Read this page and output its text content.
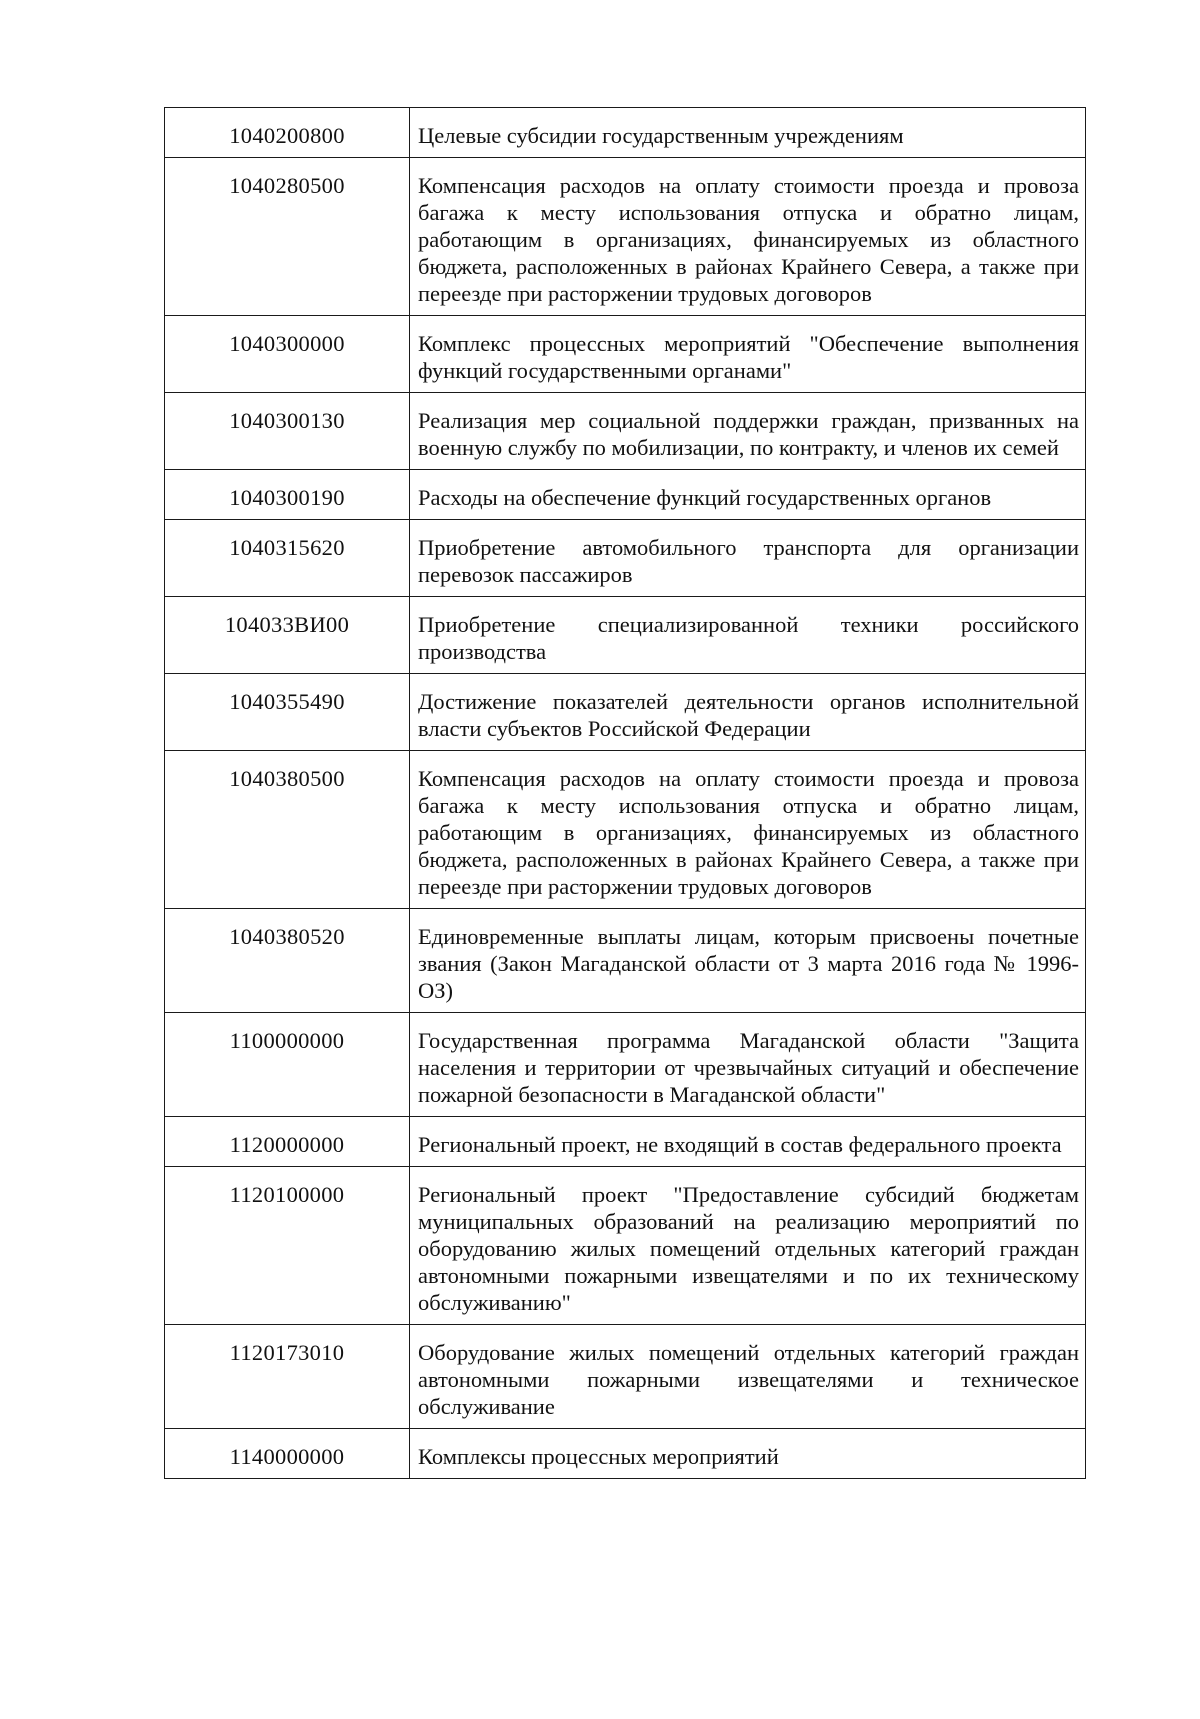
1040200800	Целевые субсидии государственным учреждениям
1040280500	Компенсация расходов на оплату стоимости проезда и провоза багажа к месту использования отпуска и обратно лицам, работающим в организациях, финансируемых из областного бюджета, расположенных в районах Крайнего Севера, а также при переезде при расторжении трудовых договоров
1040300000	Комплекс процессных мероприятий "Обеспечение выполнения функций государственными органами"
1040300130	Реализация мер социальной поддержки граждан, призванных на военную службу по мобилизации, по контракту, и членов их семей
1040300190	Расходы на обеспечение функций государственных органов
1040315620	Приобретение автомобильного транспорта для организации перевозок пассажиров
104033ВИ00	Приобретение специализированной техники российского производства
1040355490	Достижение показателей деятельности органов исполнительной власти субъектов Российской Федерации
1040380500	Компенсация расходов на оплату стоимости проезда и провоза багажа к месту использования отпуска и обратно лицам, работающим в организациях, финансируемых из областного бюджета, расположенных в районах Крайнего Севера, а также при переезде при расторжении трудовых договоров
1040380520	Единовременные выплаты лицам, которым присвоены почетные звания (Закон Магаданской области от 3 марта 2016 года № 1996-ОЗ)
1100000000	Государственная программа Магаданской области "Защита населения и территории от чрезвычайных ситуаций и обеспечение пожарной безопасности в Магаданской области"
1120000000	Региональный проект, не входящий в состав федерального проекта
1120100000	Региональный проект "Предоставление субсидий бюджетам муниципальных образований на реализацию мероприятий по оборудованию жилых помещений отдельных категорий граждан автономными пожарными извещателями и по их техническому обслуживанию"
1120173010	Оборудование жилых помещений отдельных категорий граждан автономными пожарными извещателями и техническое обслуживание
1140000000	Комплексы процессных мероприятий
